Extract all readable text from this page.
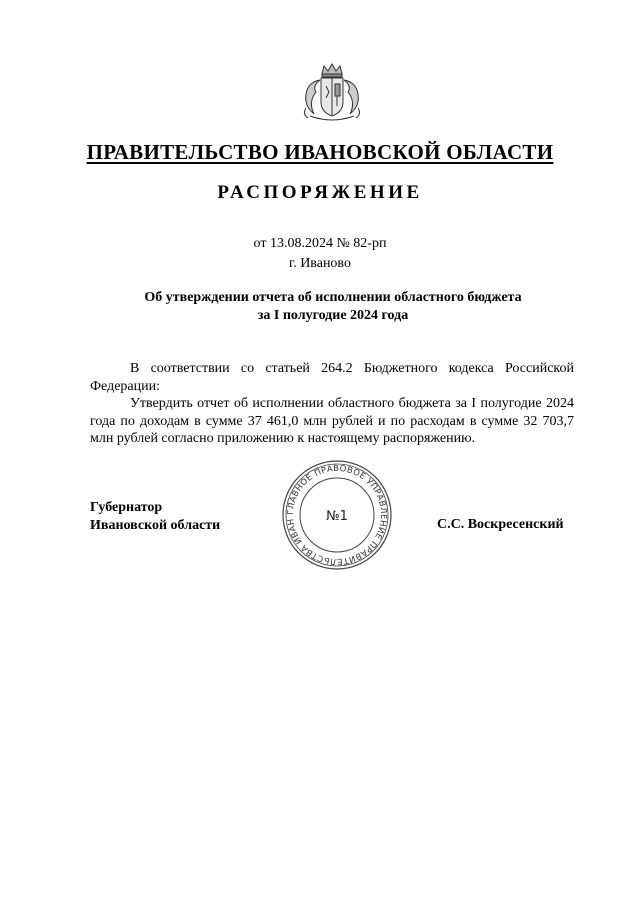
ПРАВИТЕЛЬСТВО ИВАНОВСКОЙ ОБЛАСТИ
РАСПОРЯЖЕНИЕ
от 13.08.2024 № 82-рп
г. Иваново
Об утверждении отчета об исполнении областного бюджета
за I полугодие 2024 года

В соответствии со статьей 264.2 Бюджетного кодекса Российской Федерации:

Утвердить отчет об исполнении областного бюджета за I полугодие 2024 года по доходам в сумме 37 461,0 млн рублей и по расходам в сумме 32 703,7 млн рублей согласно приложению к настоящему распоряжению.

Губернатор
Ивановской области
ГЛАВНОЕ ПРАВОВОЕ УПРАВЛЕНИЕ ПРАВИТЕЛЬСТВА ИВАН	№1
С.С. Воскресенский
